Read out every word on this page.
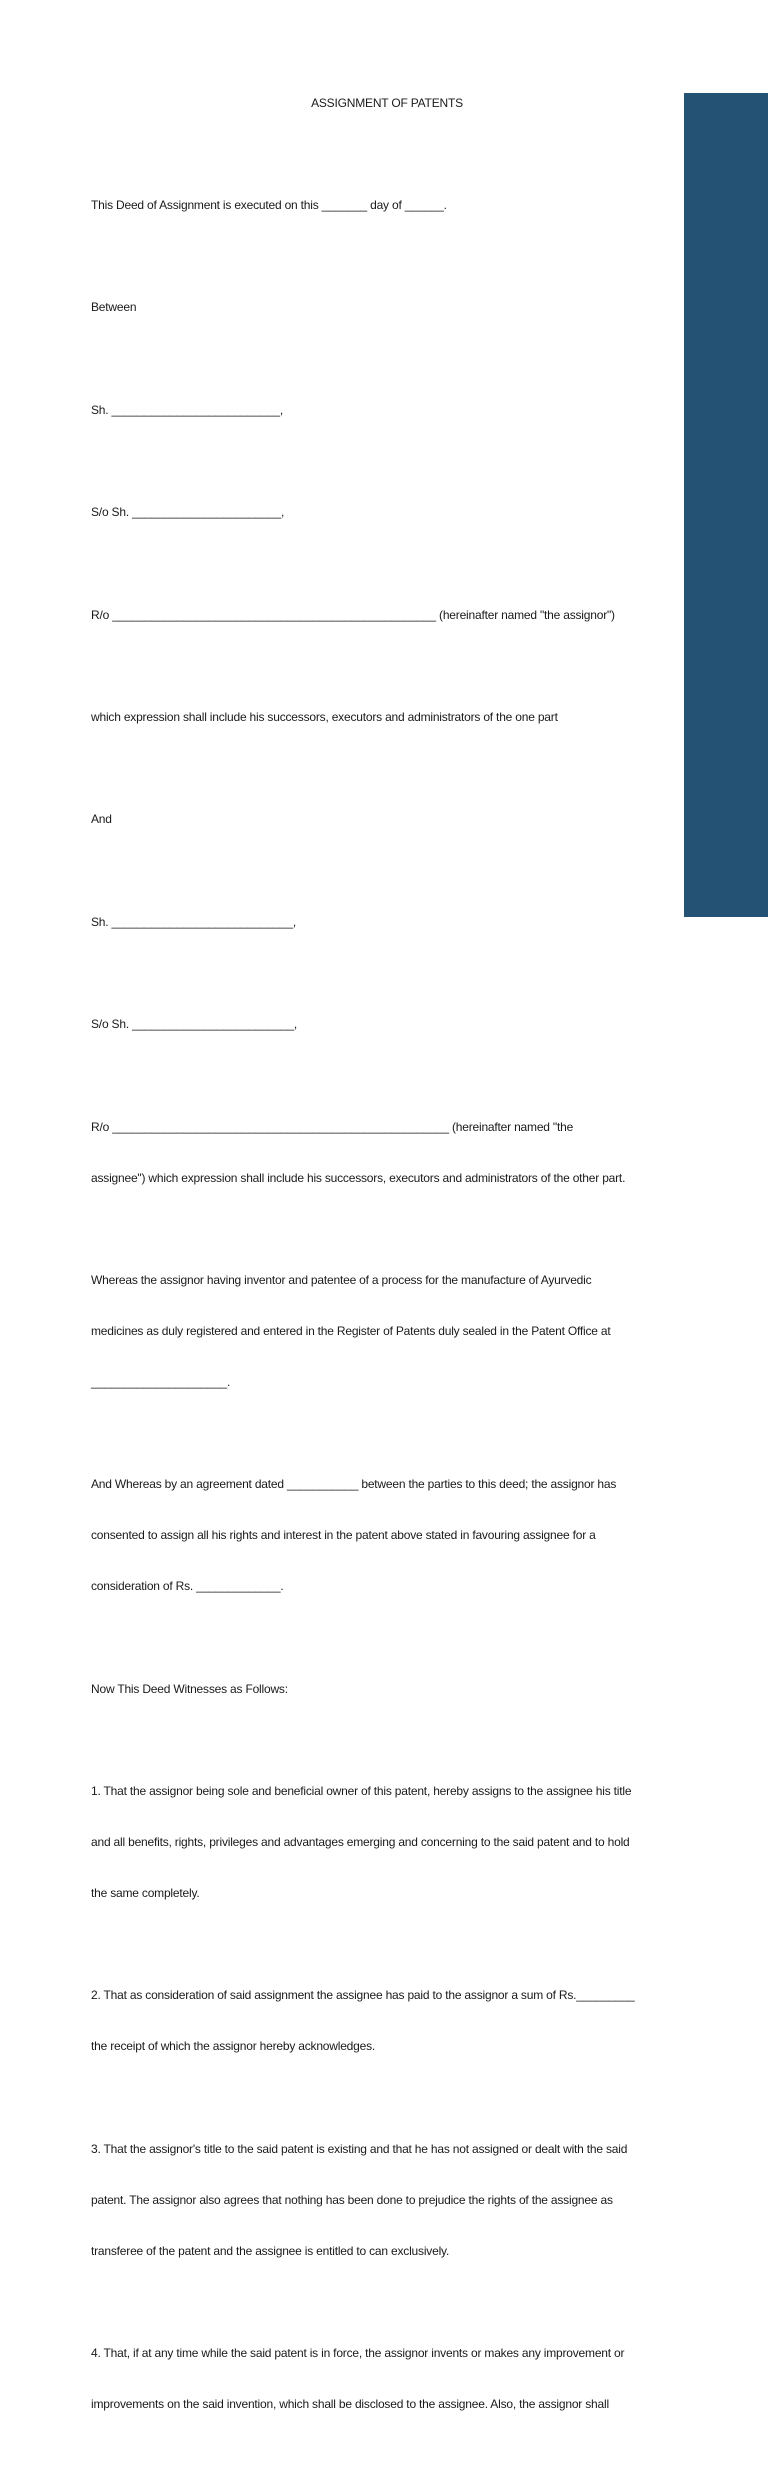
ASSIGNMENT OF PATENTS

This Deed of Assignment is executed on this _______ day of ______.

Between

Sh. __________________________,

S/o Sh. _______________________,

R/o __________________________________________________ (hereinafter named "the assignor")

which expression shall include his successors, executors and administrators of the one part

And

Sh. ____________________________,

S/o Sh. _________________________,

R/o ____________________________________________________ (hereinafter named "the

assignee") which expression shall include his successors, executors and administrators of the other part.

Whereas the assignor having inventor and patentee of a process for the manufacture of Ayurvedic

medicines as duly registered and entered in the Register of Patents duly sealed in the Patent Office at

_____________________.

And Whereas by an agreement dated ___________ between the parties to this deed; the assignor has

consented to assign all his rights and interest in the patent above stated in favouring assignee for a

consideration of Rs. _____________.

Now This Deed Witnesses as Follows:

1. That the assignor being sole and beneficial owner of this patent, hereby assigns to the assignee his title

and all benefits, rights, privileges and advantages emerging and concerning to the said patent and to hold

the same completely.

2. That as consideration of said assignment the assignee has paid to the assignor a sum of Rs._________

the receipt of which the assignor hereby acknowledges.

3. That the assignor's title to the said patent is existing and that he has not assigned or dealt with the said

patent. The assignor also agrees that nothing has been done to prejudice the rights of the assignee as

transferee of the patent and the assignee is entitled to can exclusively.

4. That, if at any time while the said patent is in force, the assignor invents or makes any improvement or

improvements on the said invention, which shall be disclosed to the assignee. Also, the assignor shall
